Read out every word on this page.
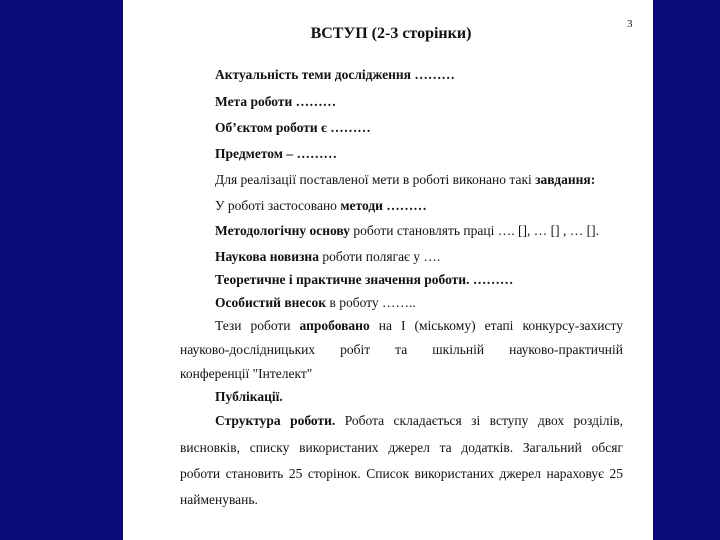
3
ВСТУП (2-3 сторінки)
Актуальність теми дослідження ………
Мета роботи ………
Об’єктом роботи є ………
Предметом – ………
Для реалізації поставленої мети в роботі виконано такі завдання:
У роботі застосовано методи ………
Методологічну основу роботи становлять праці …. [], … [] , … [].
Наукова новизна роботи полягає у ….
Теоретичне і практичне значення роботи. ………
Особистий внесок в роботу ……..
Тези роботи апробовано на І (міському) етапі конкурсу-захисту
науково-дослідницьких робіт та шкільній науково-практичній
конференції "Інтелект"
Публікації.
Структура роботи. Робота складається зі вступу двох розділів,
висновків, списку використаних джерел та додатків. Загальний обсяг
роботи становить 25 сторінок. Список використаних джерел нараховує 25
найменувань.
